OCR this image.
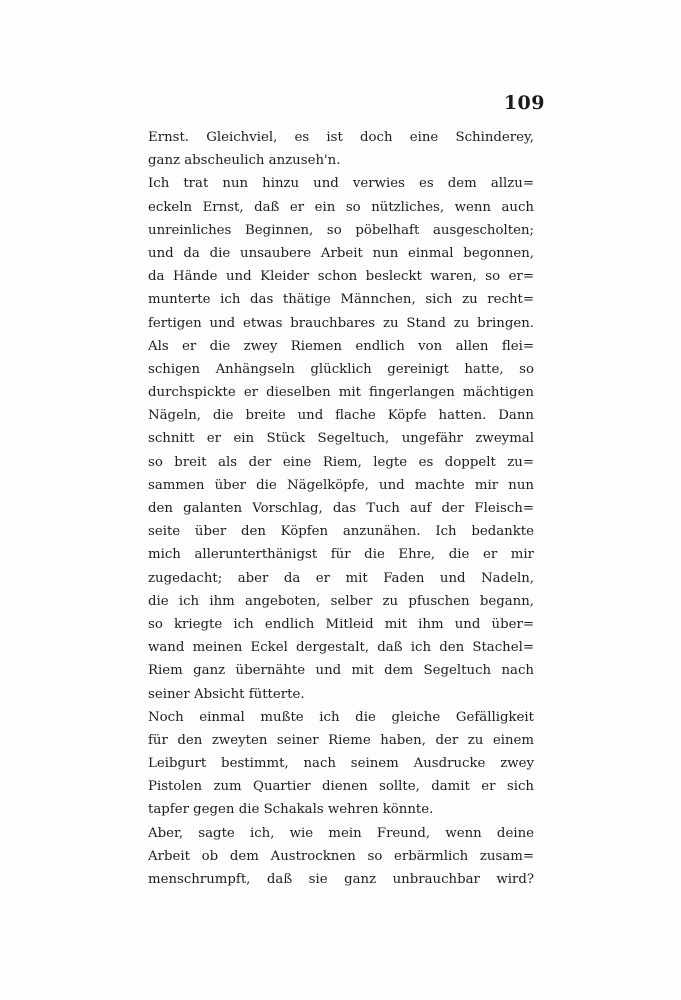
109
Ernst. Gleichviel, es ist doch eine Schinderey,
ganz abscheulich anzuseh'n.
Ich trat nun hinzu und verwies es dem allzu=
eckeln Ernst, daß er ein so nützliches, wenn auch
unreinliches Beginnen, so pöbelhaft ausgescholten;
und da die unsaubere Arbeit nun einmal begonnen,
da Hände und Kleider schon besleckt waren, so er=
munterte ich das thätige Männchen, sich zu recht=
fertigen und etwas brauchbares zu Stand zu bringen.
Als er die zwey Riemen endlich von allen flei=
schigen Anhängseln glücklich gereinigt hatte, so
durchspickte er dieselben mit fingerlangen mächtigen
Nägeln, die breite und flache Köpfe hatten. Dann
schnitt er ein Stück Segeltuch, ungefähr zweymal
so breit als der eine Riem, legte es doppelt zu=
sammen über die Nägelköpfe, und machte mir nun
den galanten Vorschlag, das Tuch auf der Fleisch=
seite über den Köpfen anzunähen. Ich bedankte
mich allerunterthänigst für die Ehre, die er mir
zugedacht; aber da er mit Faden und Nadeln,
die ich ihm angeboten, selber zu pfuschen begann,
so kriegte ich endlich Mitleid mit ihm und über=
wand meinen Eckel dergestalt, daß ich den Stachel=
Riem ganz übernähte und mit dem Segeltuch nach
seiner Absicht fütterte.
Noch einmal mußte ich die gleiche Gefälligkeit
für den zweyten seiner Rieme haben, der zu einem
Leibgurt bestimmt, nach seinem Ausdrucke zwey
Pistolen zum Quartier dienen sollte, damit er sich
tapfer gegen die Schakals wehren könnte.
Aber, sagte ich, wie mein Freund, wenn deine
Arbeit ob dem Austrocknen so erbärmlich zusam=
menschrumpft, daß sie ganz unbrauchbar wird?
